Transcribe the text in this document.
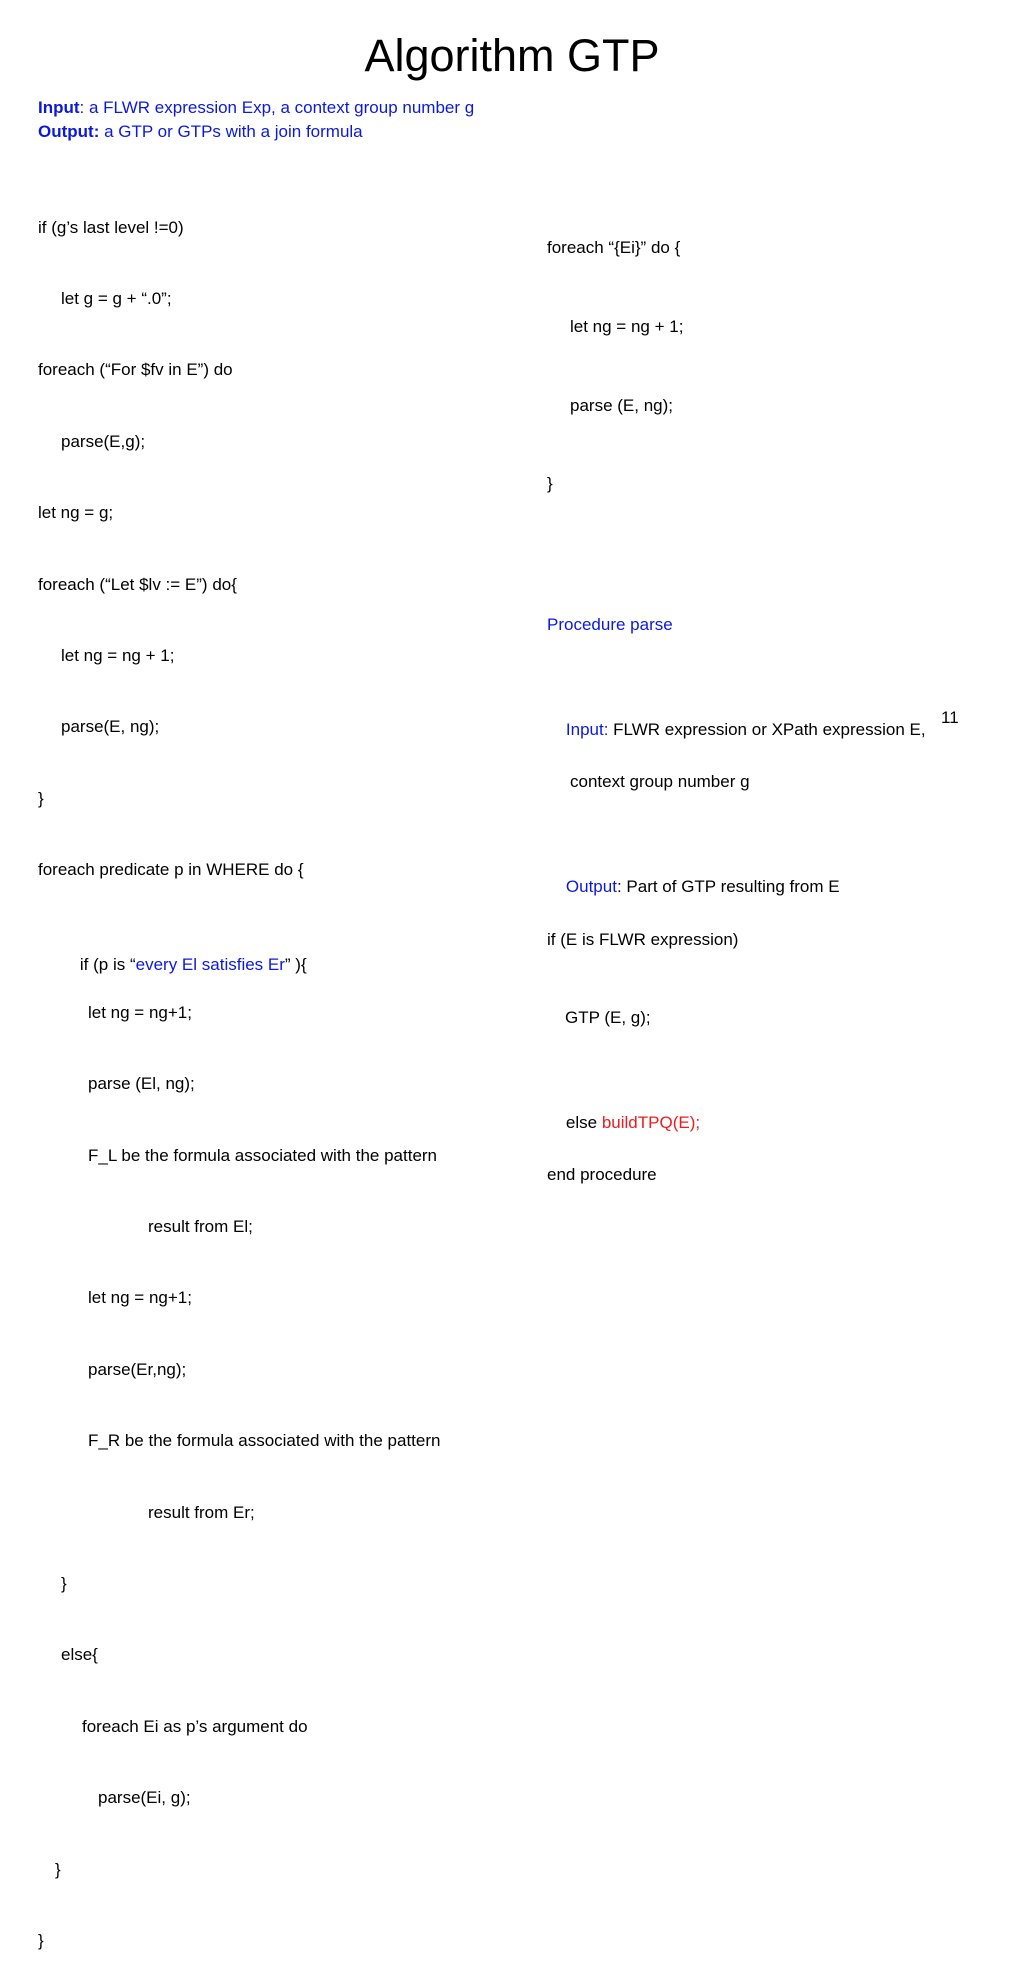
Algorithm GTP
Input: a FLWR expression Exp, a context group number g
Output: a GTP or GTPs with a join formula

if (g’s last level !=0)

let g = g + “.0”;

foreach (“For $fv in E”) do

parse(E,g);

let ng = g;

foreach (“Let $lv := E”) do{

let ng = ng + 1;

parse(E, ng);

}

foreach predicate p in WHERE do {

if (p is “every El satisfies Er” ){

let ng = ng+1;

parse (El, ng);

F_L be the formula associated with the pattern

result from El;

let ng = ng+1;

parse(Er,ng);

F_R be the formula associated with the pattern

result from Er;

}

else{

foreach Ei as p’s argument do

parse(Ei, g);

}

}

foreach “{Ei}” do {

let ng = ng + 1;

parse (E, ng);

}

Procedure parse

Input: FLWR expression or XPath expression E,

context group number g

Output: Part of GTP resulting from E

if (E is FLWR expression)

GTP (E, g);

else buildTPQ(E);

end procedure

11
